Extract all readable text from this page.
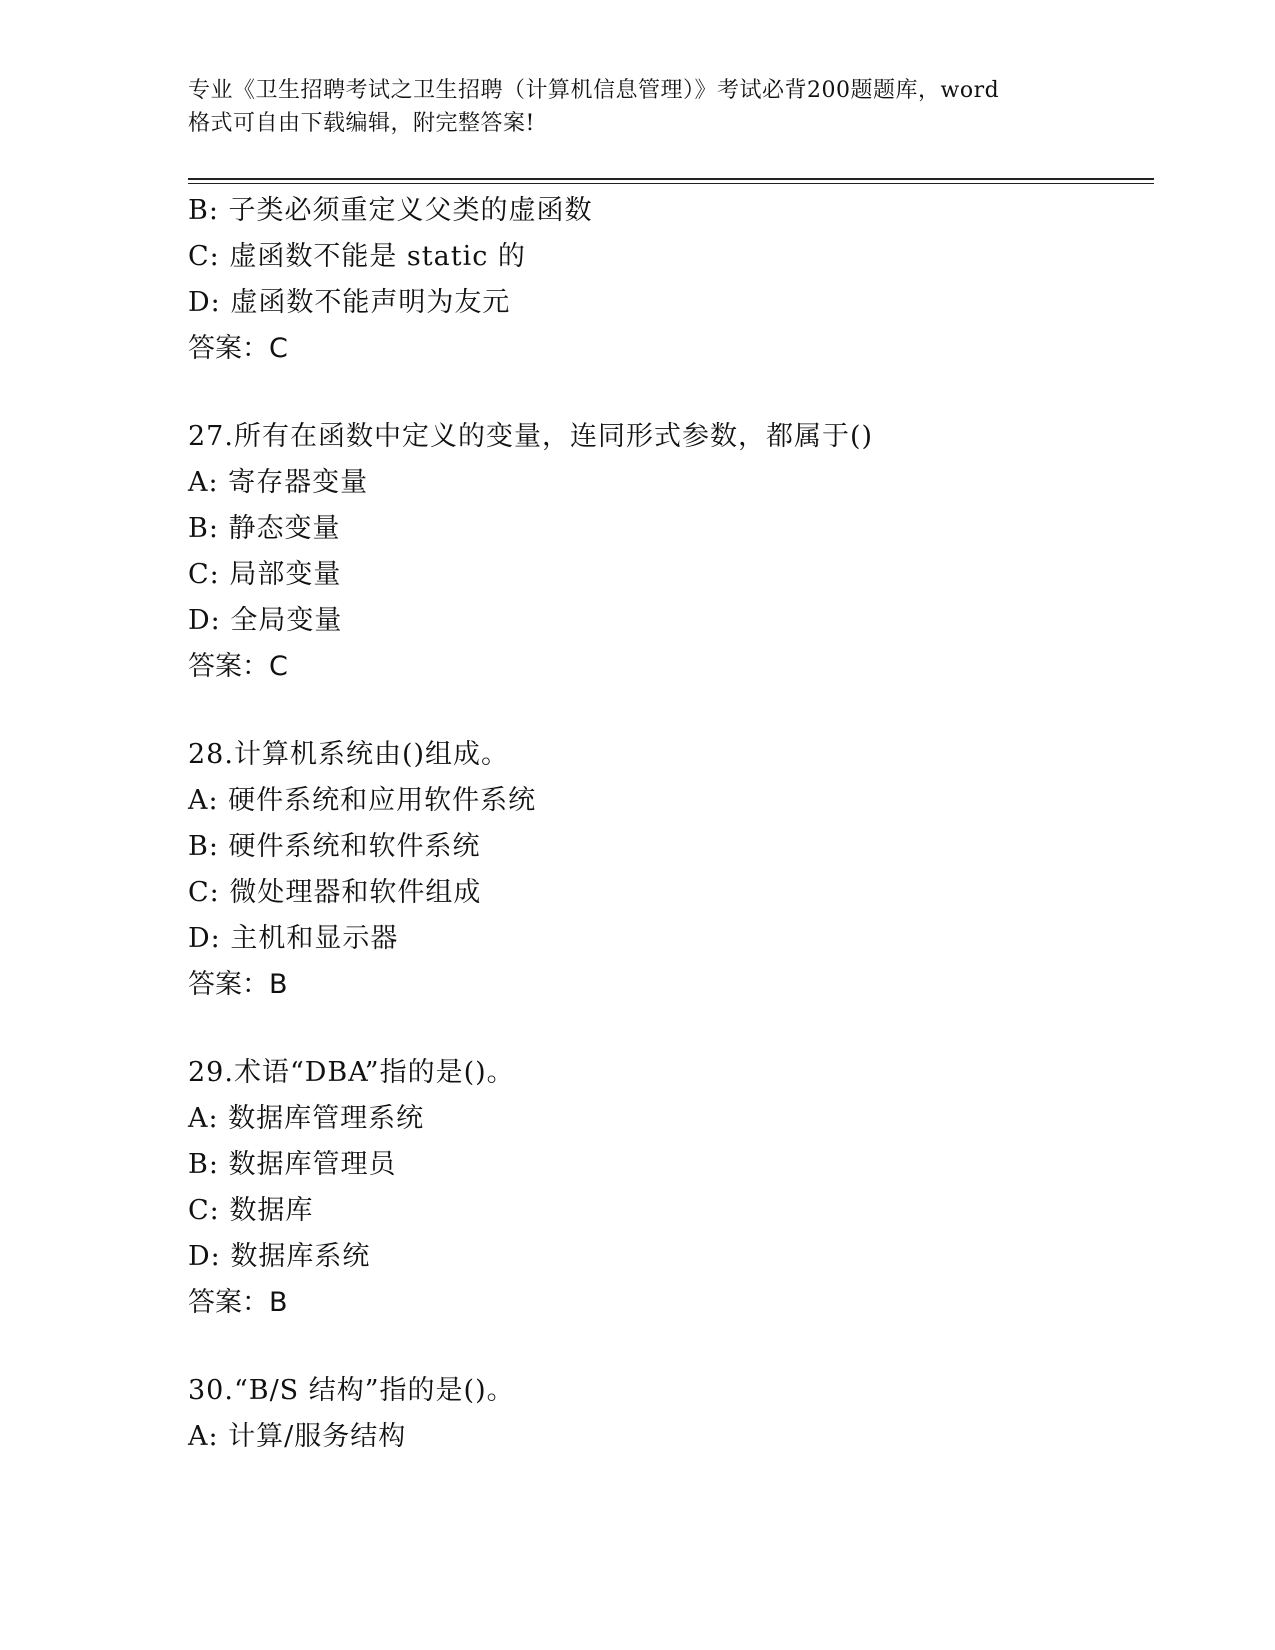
专业《卫生招聘考试之卫生招聘（计算机信息管理）》考试必背200题题库，word
格式可自由下载编辑，附完整答案!
B: 子类必须重定义父类的虚函数
C: 虚函数不能是 static 的
D: 虚函数不能声明为友元
答案：C
27.所有在函数中定义的变量，连同形式参数，都属于()
A: 寄存器变量
B: 静态变量
C: 局部变量
D: 全局变量
答案：C
28.计算机系统由()组成。
A: 硬件系统和应用软件系统
B: 硬件系统和软件系统
C: 微处理器和软件组成
D: 主机和显示器
答案：B
29.术语“DBA”指的是()。
A: 数据库管理系统
B: 数据库管理员
C: 数据库
D: 数据库系统
答案：B
30.“B/S 结构”指的是()。
A: 计算/服务结构
